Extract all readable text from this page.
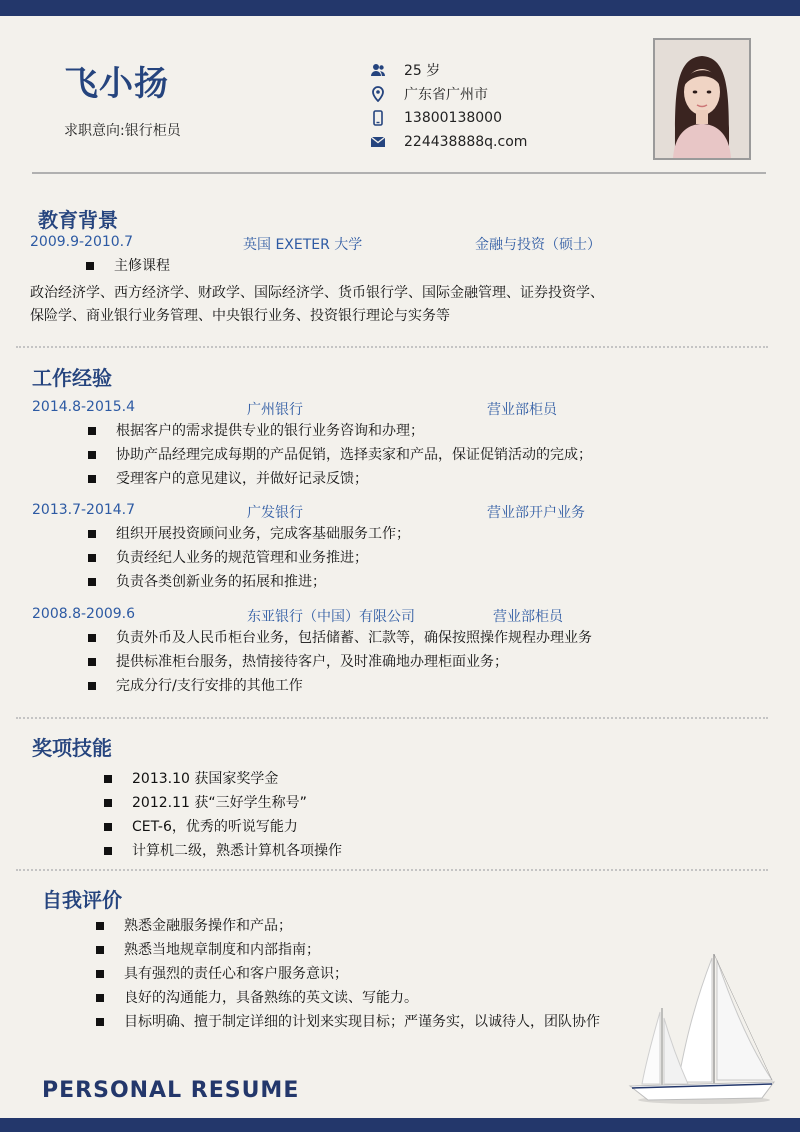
飞小扬
求职意向:银行柜员
25 岁
广东省广州市
13800138000
224438888q.com
教育背景
2009.9-2010.7	英国 EXETER 大学	金融与投资（硕士）
主修课程
政治经济学、西方经济学、财政学、国际经济学、货币银行学、国际金融管理、证券投资学、
保险学、商业银行业务管理、中央银行业务、投资银行理论与实务等
工作经验
2014.8-2015.4	广州银行	营业部柜员
根据客户的需求提供专业的银行业务咨询和办理；
协助产品经理完成每期的产品促销，选择卖家和产品，保证促销活动的完成；
受理客户的意见建议，并做好记录反馈；
2013.7-2014.7	广发银行	营业部开户业务
组织开展投资顾问业务，完成客基础服务工作；
负责经纪人业务的规范管理和业务推进；
负责各类创新业务的拓展和推进；
2008.8-2009.6	东亚银行（中国）有限公司	营业部柜员
负责外币及人民币柜台业务，包括储蓄、汇款等，确保按照操作规程办理业务
提供标准柜台服务，热情接待客户，及时准确地办理柜面业务；
完成分行/支行安排的其他工作
奖项技能
2013.10 获国家奖学金
2012.11 获“三好学生称号”
CET-6，优秀的听说写能力
计算机二级，熟悉计算机各项操作
自我评价
熟悉金融服务操作和产品；
熟悉当地规章制度和内部指南；
具有强烈的责任心和客户服务意识；
良好的沟通能力，具备熟练的英文读、写能力。
目标明确、擅于制定详细的计划来实现目标；严谨务实，以诚待人，团队协作
PERSONAL RESUME
